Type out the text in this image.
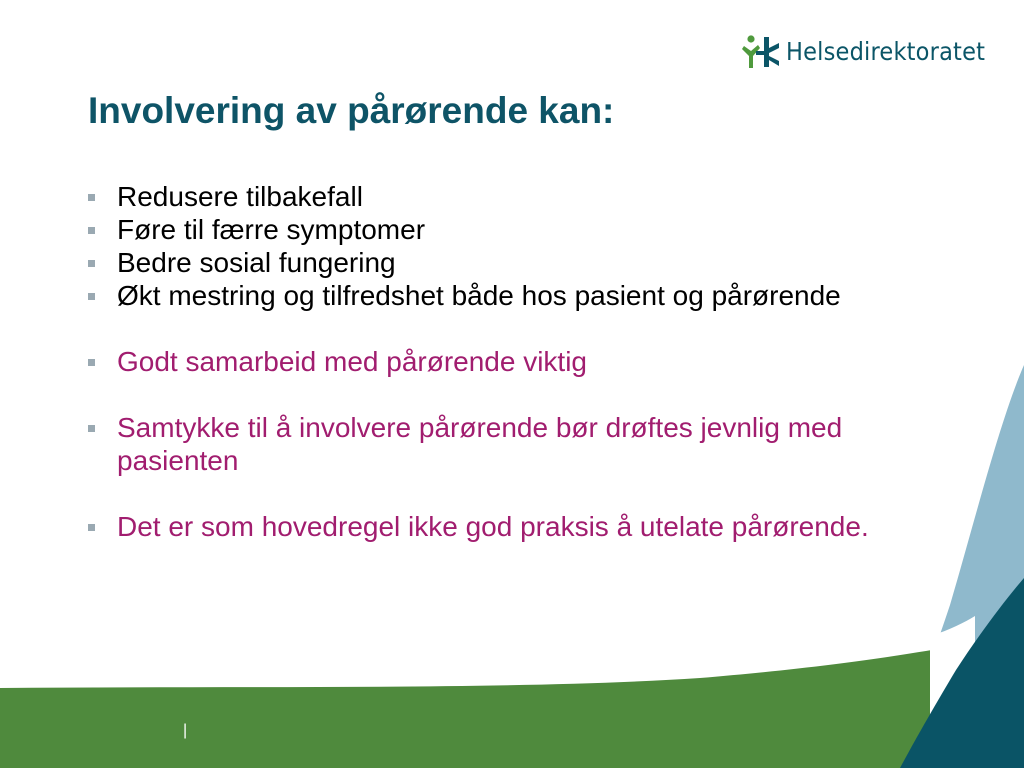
Helsedirektoratet
Involvering av pårørende kan:
Redusere tilbakefall
Føre til færre symptomer
Bedre sosial fungering
Økt mestring og tilfredshet både hos pasient og pårørende
Godt samarbeid med pårørende viktig
Samtykke til å involvere pårørende bør drøftes jevnlig med pasienten
Det er som hovedregel ikke god praksis å utelate pårørende.
|
